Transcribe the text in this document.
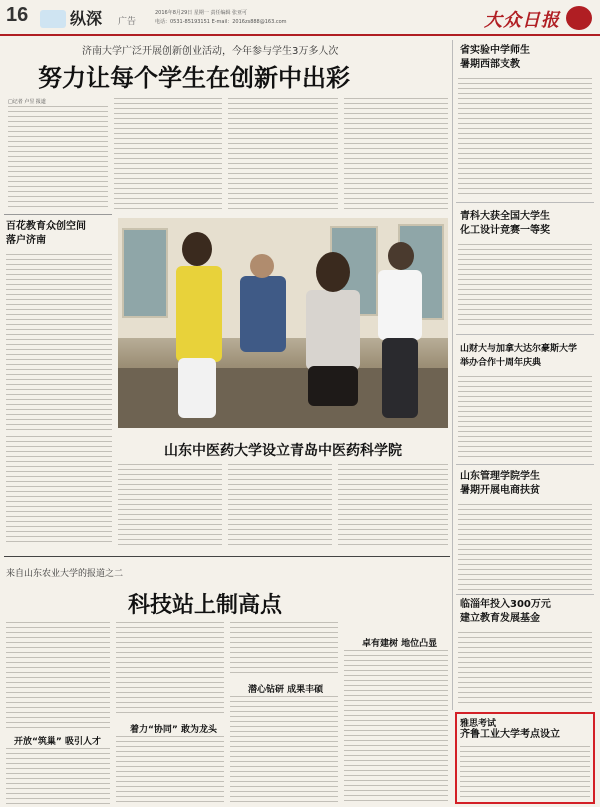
16	纵深 广告
2016年8月29日 星期一 责任编辑 张亚可
电话：0531-85193151 E-mail：2016zs888@163.com	大众日报
济南大学广泛开展创新创业活动，今年参与学生3万多人次
努力让每个学生在创新中出彩
□记者 卢昱 报道
省实验中学师生
暑期西部支教
青科大获全国大学生
化工设计竞赛一等奖
山财大与加拿大达尔豪斯大学
举办合作十周年庆典
山东管理学院学生
暑期开展电商扶贫
临淄年投入300万元
建立教育发展基金
雅思考试
齐鲁工业大学考点设立
百花教育众创空间
落户济南
山东中医药大学设立青岛中医药科学院
来自山东农业大学的报道之二
科技站上制高点
开放“筑巢” 吸引人才
着力“协同” 敢为龙头
潜心钻研 成果丰硕
卓有建树 地位凸显
